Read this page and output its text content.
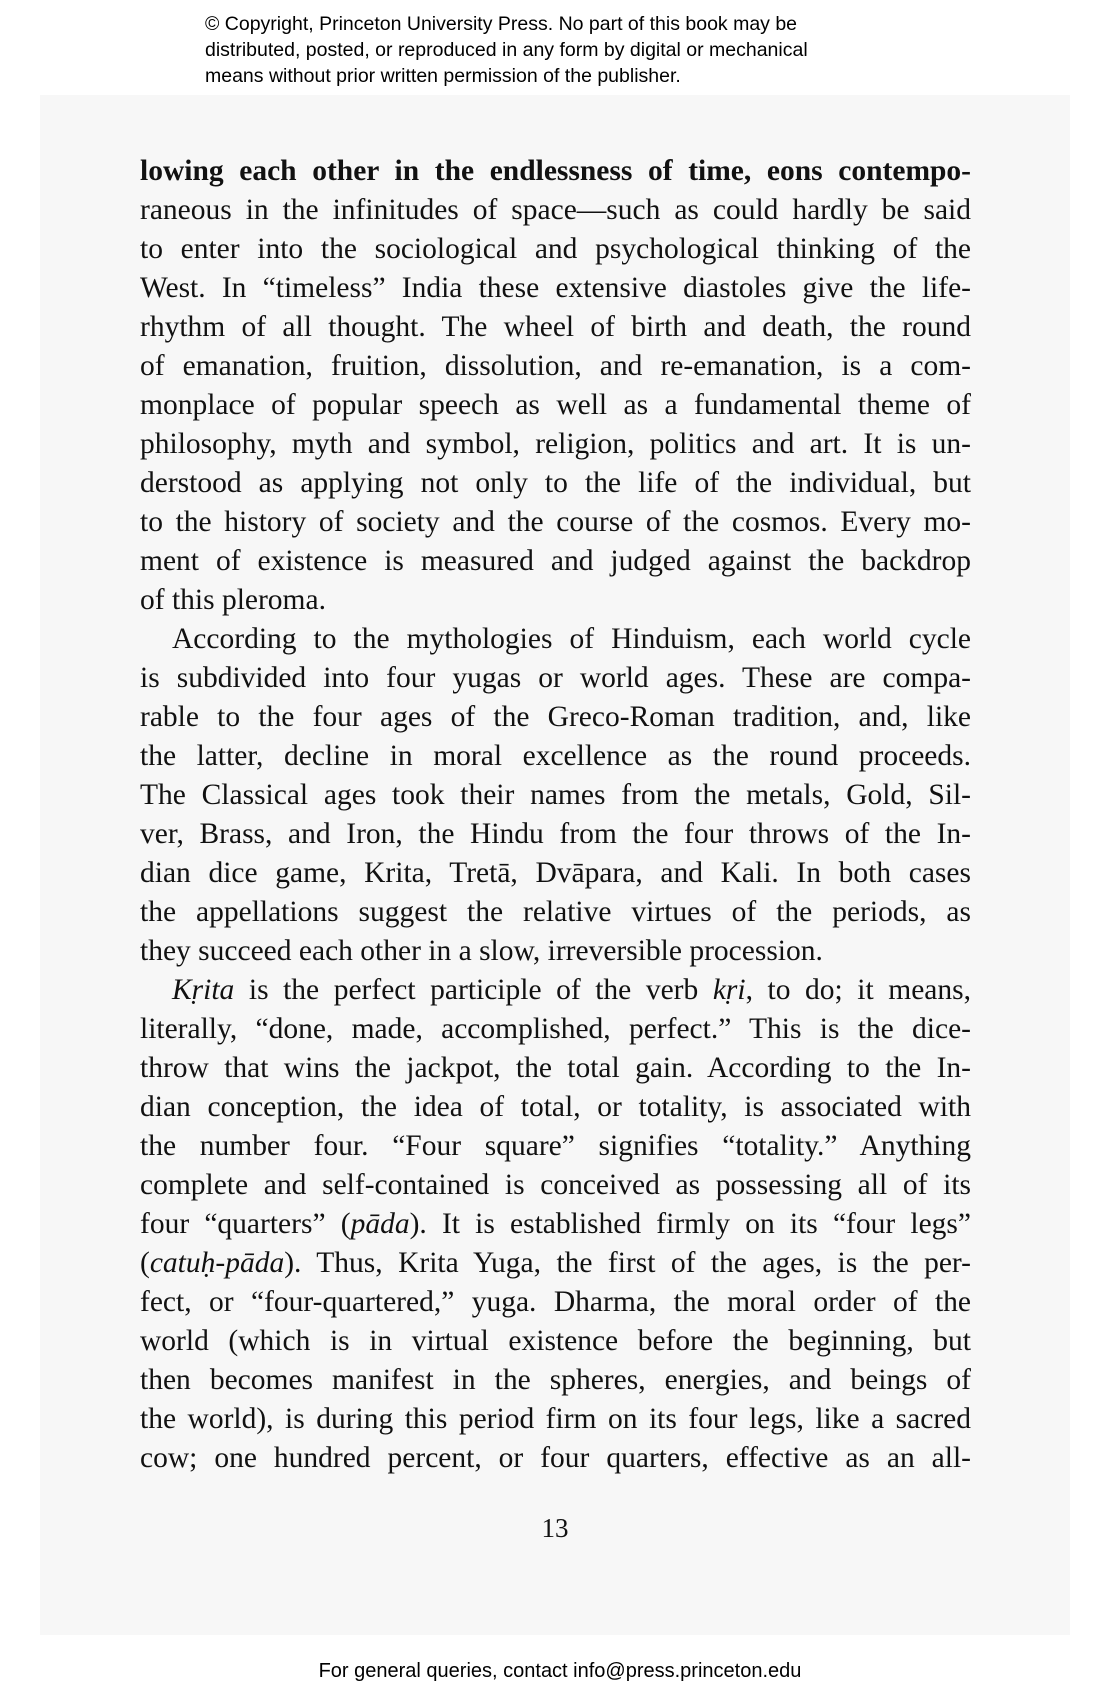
© Copyright, Princeton University Press. No part of this book may be
distributed, posted, or reproduced in any form by digital or mechanical
means without prior written permission of the publisher.
lowing each other in the endlessness of time, eons contempo-
raneous in the infinitudes of space—such as could hardly be said
to enter into the sociological and psychological thinking of the
West. In “timeless” India these extensive diastoles give the life-
rhythm of all thought. The wheel of birth and death, the round
of emanation, fruition, dissolution, and re-emanation, is a com-
monplace of popular speech as well as a fundamental theme of
philosophy, myth and symbol, religion, politics and art. It is un-
derstood as applying not only to the life of the individual, but
to the history of society and the course of the cosmos. Every mo-
ment of existence is measured and judged against the backdrop
of this pleroma.
According to the mythologies of Hinduism, each world cycle
is subdivided into four yugas or world ages. These are compa-
rable to the four ages of the Greco-Roman tradition, and, like
the latter, decline in moral excellence as the round proceeds.
The Classical ages took their names from the metals, Gold, Sil-
ver, Brass, and Iron, the Hindu from the four throws of the In-
dian dice game, Krita, Tretā, Dvāpara, and Kali. In both cases
the appellations suggest the relative virtues of the periods, as
they succeed each other in a slow, irreversible procession.
Kṛita is the perfect participle of the verb kṛi, to do; it means,
literally, “done, made, accomplished, perfect.” This is the dice-
throw that wins the jackpot, the total gain. According to the In-
dian conception, the idea of total, or totality, is associated with
the number four. “Four square” signifies “totality.” Anything
complete and self-contained is conceived as possessing all of its
four “quarters” (pāda). It is established firmly on its “four legs”
(catuḥ-pāda). Thus, Krita Yuga, the first of the ages, is the per-
fect, or “four-quartered,” yuga. Dharma, the moral order of the
world (which is in virtual existence before the beginning, but
then becomes manifest in the spheres, energies, and beings of
the world), is during this period firm on its four legs, like a sacred
cow; one hundred percent, or four quarters, effective as an all-
13
For general queries, contact info@press.princeton.edu
